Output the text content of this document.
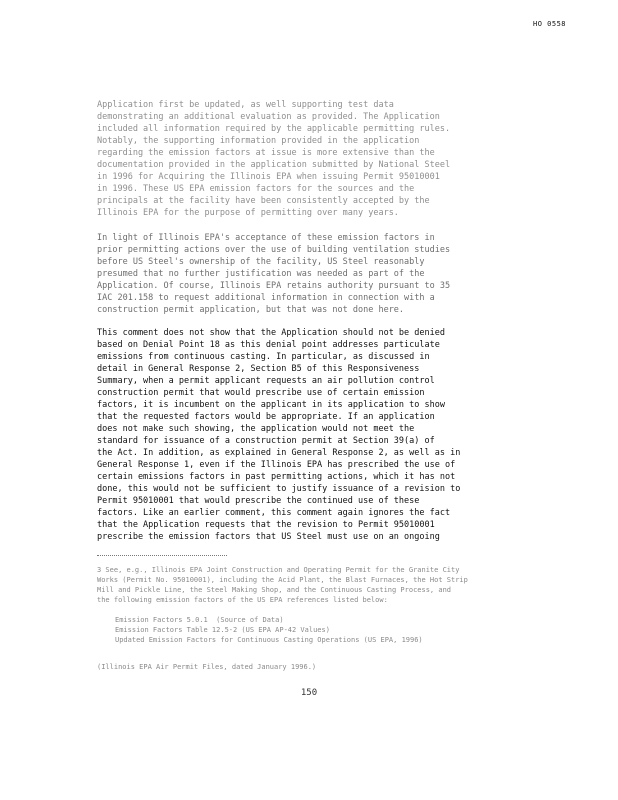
HO 0558

Application first be updated, as well supporting test data
demonstrating an additional evaluation as provided. The Application
included all information required by the applicable permitting rules.
Notably, the supporting information provided in the application
regarding the emission factors at issue is more extensive than the
documentation provided in the application submitted by National Steel
in 1996 for Acquiring the Illinois EPA when issuing Permit 95010001
in 1996. These US EPA emission factors for the sources and the
principals at the facility have been consistently accepted by the
Illinois EPA for the purpose of permitting over many years.

In light of Illinois EPA's acceptance of these emission factors in
prior permitting actions over the use of building ventilation studies
before US Steel's ownership of the facility, US Steel reasonably
presumed that no further justification was needed as part of the
Application. Of course, Illinois EPA retains authority pursuant to 35
IAC 201.158 to request additional information in connection with a
construction permit application, but that was not done here.

This comment does not show that the Application should not be denied
based on Denial Point 18 as this denial point addresses particulate
emissions from continuous casting. In particular, as discussed in
detail in General Response 2, Section B5 of this Responsiveness
Summary, when a permit applicant requests an air pollution control
construction permit that would prescribe use of certain emission
factors, it is incumbent on the applicant in its application to show
that the requested factors would be appropriate. If an application
does not make such showing, the application would not meet the
standard for issuance of a construction permit at Section 39(a) of
the Act. In addition, as explained in General Response 2, as well as in
General Response 1, even if the Illinois EPA has prescribed the use of
certain emissions factors in past permitting actions, which it has not
done, this would not be sufficient to justify issuance of a revision to
Permit 95010001 that would prescribe the continued use of these
factors. Like an earlier comment, this comment again ignores the fact
that the Application requests that the revision to Permit 95010001
prescribe the emission factors that US Steel must use on an ongoing

3 See, e.g., Illinois EPA Joint Construction and Operating Permit for the Granite City
Works (Permit No. 95010001), including the Acid Plant, the Blast Furnaces, the Hot Strip
Mill and Pickle Line, the Steel Making Shop, and the Continuous Casting Process, and
the following emission factors of the US EPA references listed below:

Emission Factors 5.0.1  (Source of Data)
Emission Factors Table 12.5-2 (US EPA AP-42 Values)
Updated Emission Factors for Continuous Casting Operations (US EPA, 1996)

(Illinois EPA Air Permit Files, dated January 1996.)

150
